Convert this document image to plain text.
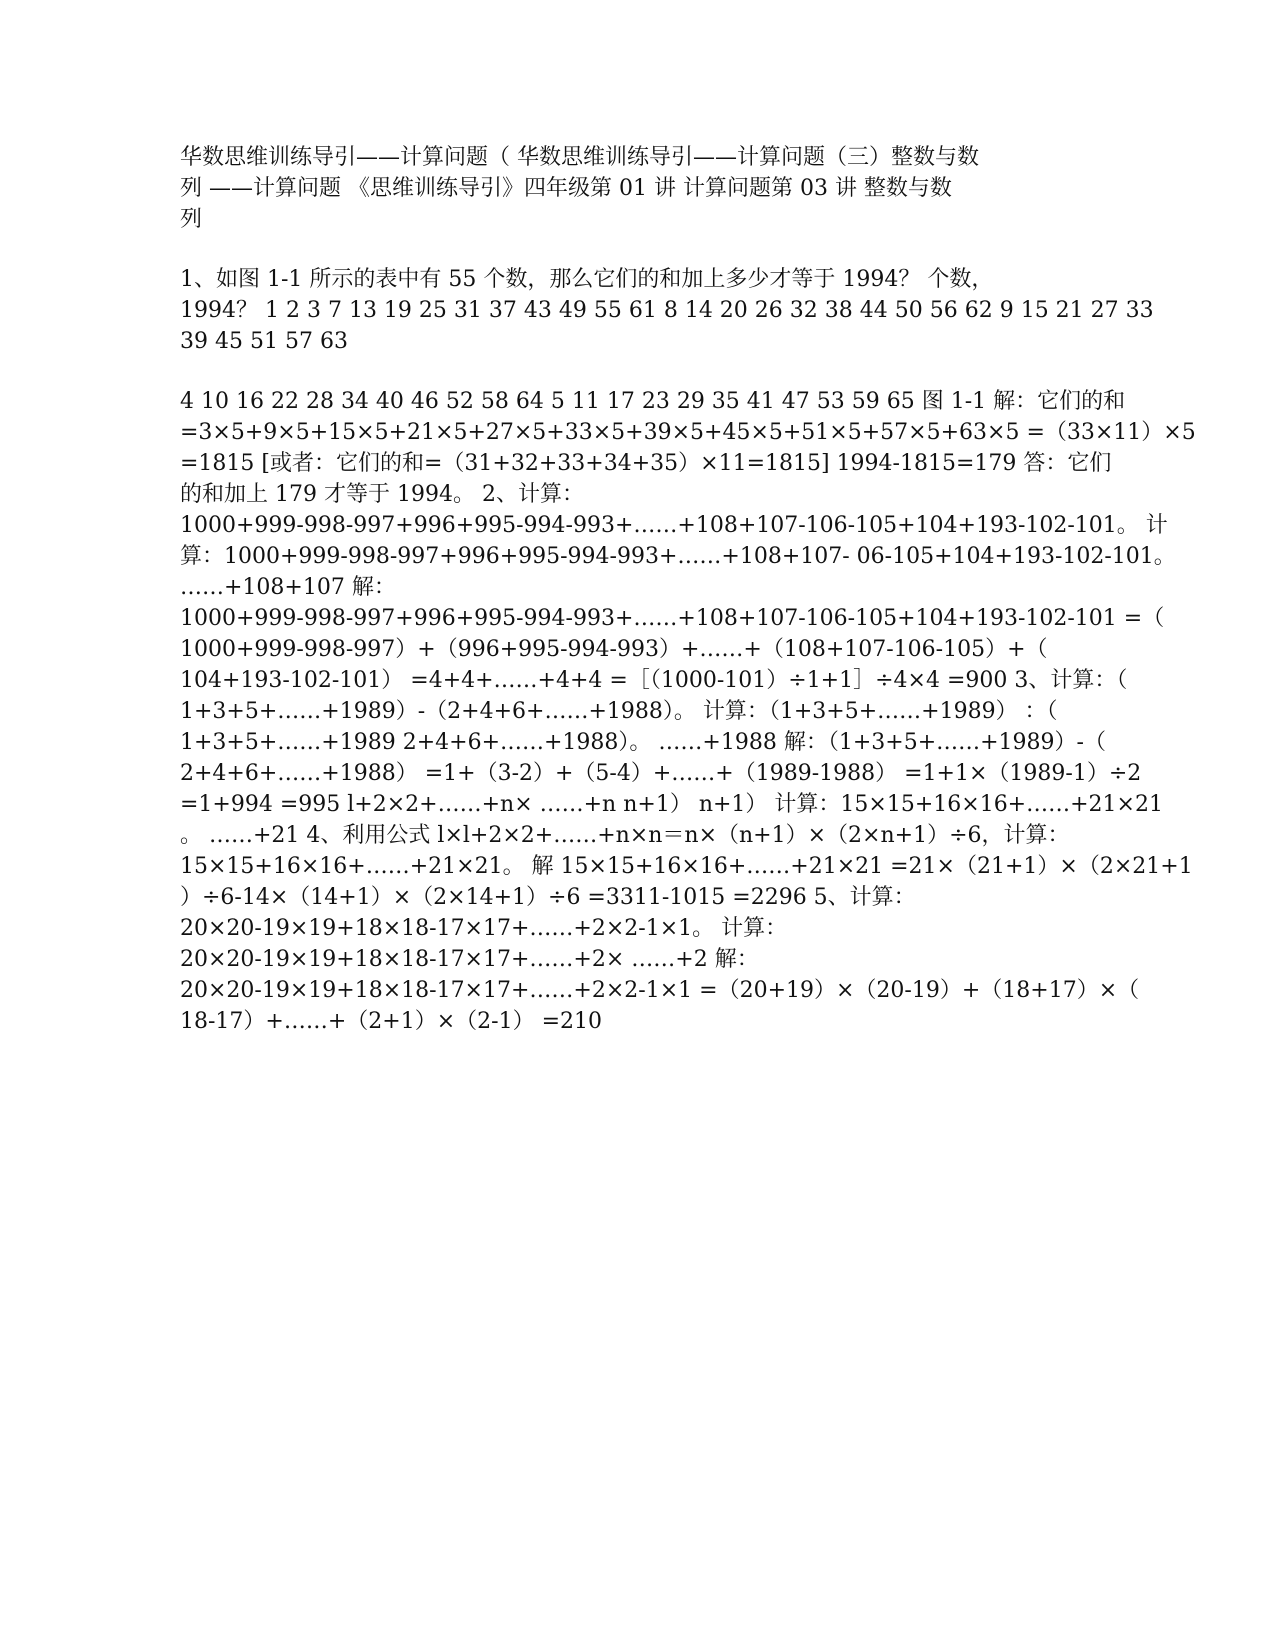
华数思维训练导引——计算问题（ 华数思维训练导引——计算问题（三）整数与数
列 ——计算问题 《思维训练导引》四年级第 01 讲 计算问题第 03 讲 整数与数
列
1、如图 1-1 所示的表中有 55 个数，那么它们的和加上多少才等于 1994？ 个数，
1994？ 1 2 3 7 13 19 25 31 37 43 49 55 61 8 14 20 26 32 38 44 50 56 62 9 15 21 27 33
39 45 51 57 63
4 10 16 22 28 34 40 46 52 58 64 5 11 17 23 29 35 41 47 53 59 65 图 1-1 解：它们的和
=3×5+9×5+15×5+21×5+27×5+33×5+39×5+45×5+51×5+57×5+63×5 =（33×11）×5
=1815 [或者：它们的和=（31+32+33+34+35）×11=1815] 1994-1815=179 答：它们
的和加上 179 才等于 1994。 2、计算：
1000+999-998-997+996+995-994-993+……+108+107-106-105+104+193-102-101。 计
算：1000+999-998-997+996+995-994-993+……+108+107- 06-105+104+193-102-101。
……+108+107 解：
1000+999-998-997+996+995-994-993+……+108+107-106-105+104+193-102-101 =（
1000+999-998-997）+（996+995-994-993）+……+（108+107-106-105）+（
104+193-102-101） =4+4+……+4+4 =［（1000-101）÷1+1］÷4×4 =900 3、计算：（
1+3+5+……+1989）-（2+4+6+……+1988）。 计算：（1+3+5+……+1989） ：（
1+3+5+……+1989 2+4+6+……+1988）。 ……+1988 解：（1+3+5+……+1989）-（
2+4+6+……+1988） =1+（3-2）+（5-4）+……+（1989-1988） =1+1×（1989-1）÷2
=1+994 =995 l+2×2+……+n× ……+n n+1） n+1） 计算：15×15+16×16+……+21×21
。 ……+21 4、利用公式 l×l+2×2+……+n×n＝n×（n+1）×（2×n+1）÷6，计算：
15×15+16×16+……+21×21。 解 15×15+16×16+……+21×21 =21×（21+1）×（2×21+1
）÷6-14×（14+1）×（2×14+1）÷6 =3311-1015 =2296 5、计算：
20×20-19×19+18×18-17×17+……+2×2-1×1。 计算：
20×20-19×19+18×18-17×17+……+2× ……+2 解：
20×20-19×19+18×18-17×17+……+2×2-1×1 =（20+19）×（20-19）+（18+17）×（
18-17）+……+（2+1）×（2-1） =210
